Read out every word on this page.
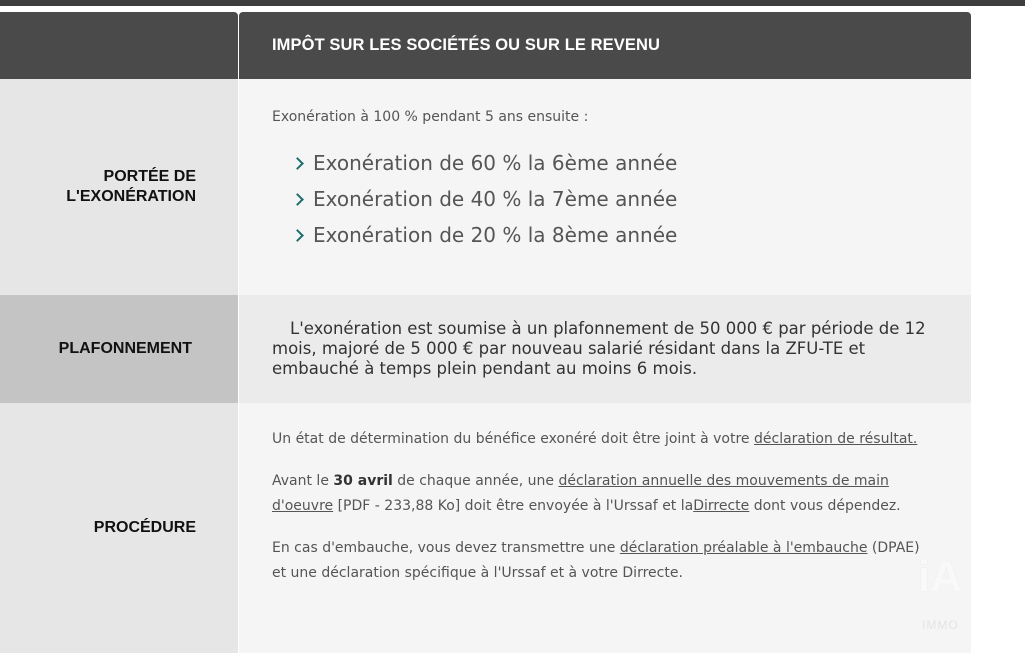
IMPÔT SUR LES SOCIÉTÉS OU SUR LE REVENU
PORTÉE DE
L'EXONÉRATION
Exonération à 100 % pendant 5 ans ensuite :
Exonération de 60 % la 6ème année
Exonération de 40 % la 7ème année
Exonération de 20 % la 8ème année
PLAFONNEMENT
L'exonération est soumise à un plafonnement de 50 000 € par période de 12 mois, majoré de 5 000 € par nouveau salarié résidant dans la ZFU-TE et embauché à temps plein pendant au moins 6 mois.
PROCÉDURE

Un état de détermination du bénéfice exonéré doit être joint à votre déclaration de résultat.

Avant le 30 avril de chaque année, une déclaration annuelle des mouvements de main d'oeuvre [PDF - 233,88 Ko] doit être envoyée à l'Urssaf et laDirrecte dont vous dépendez.

En cas d'embauche, vous devez transmettre une déclaration préalable à l'embauche (DPAE) et une déclaration spécifique à l'Urssaf et à votre Dirrecte.	iA
IMMO
